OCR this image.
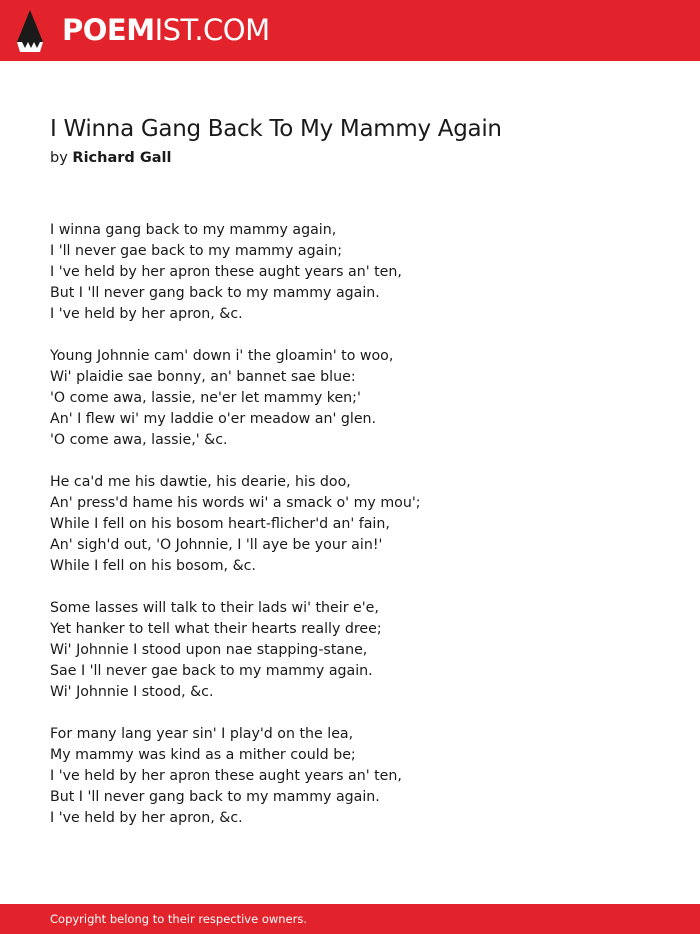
POEMIST.COM
I Winna Gang Back To My Mammy Again
by Richard Gall
I winna gang back to my mammy again,
I 'll never gae back to my mammy again;
I 've held by her apron these aught years an' ten,
But I 'll never gang back to my mammy again.
I 've held by her apron, &c.
Young Johnnie cam' down i' the gloamin' to woo,
Wi' plaidie sae bonny, an' bannet sae blue:
'O come awa, lassie, ne'er let mammy ken;'
An' I flew wi' my laddie o'er meadow an' glen.
'O come awa, lassie,' &c.
He ca'd me his dawtie, his dearie, his doo,
An' press'd hame his words wi' a smack o' my mou';
While I fell on his bosom heart-flicher'd an' fain,
An' sigh'd out, 'O Johnnie, I 'll aye be your ain!'
While I fell on his bosom, &c.
Some lasses will talk to their lads wi' their e'e,
Yet hanker to tell what their hearts really dree;
Wi' Johnnie I stood upon nae stapping-stane,
Sae I 'll never gae back to my mammy again.
Wi' Johnnie I stood, &c.
For many lang year sin' I play'd on the lea,
My mammy was kind as a mither could be;
I 've held by her apron these aught years an' ten,
But I 'll never gang back to my mammy again.
I 've held by her apron, &c.
Copyright belong to their respective owners.
